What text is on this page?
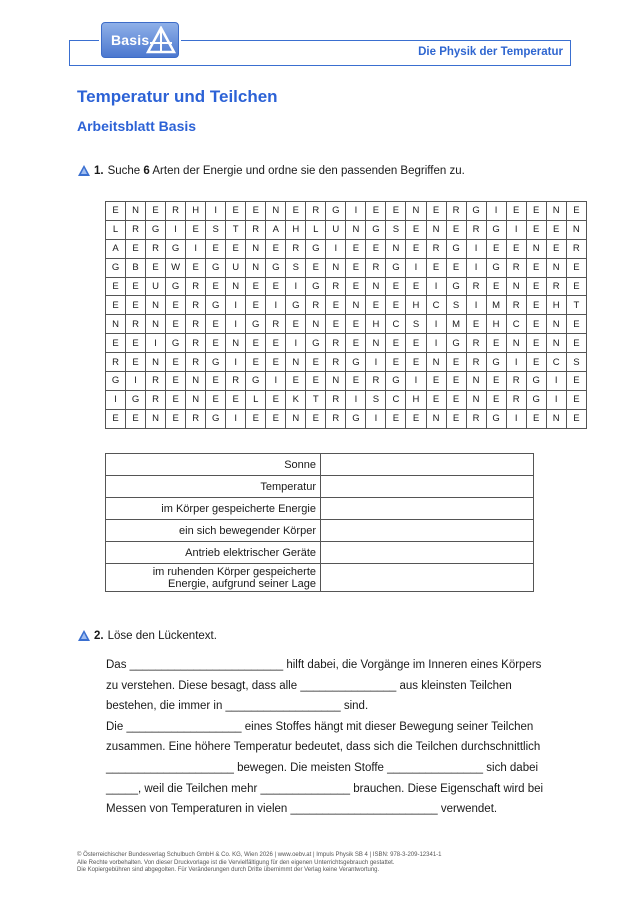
Die Physik der Temperatur
Basis
Temperatur und Teilchen
Arbeitsblatt Basis
1. Suche 6 Arten der Energie und ordne sie den passenden Begriffen zu.
E	N	E	R	H	I	E	E	N	E	R	G	I	E	E	N	E	R	G	I	E	E	N	E
L	R	G	I	E	S	T	R	A	H	L	U	N	G	S	E	N	E	R	G	I	E	E	N
A	E	R	G	I	E	E	N	E	R	G	I	E	E	N	E	R	G	I	E	E	N	E	R
G	B	E	W	E	G	U	N	G	S	E	N	E	R	G	I	E	E	I	G	R	E	N	E
E	E	U	G	R	E	N	E	E	I	G	R	E	N	E	E	I	G	R	E	N	E	R	E
E	E	N	E	R	G	I	E	I	G	R	E	N	E	E	H	C	S	I	M	R	E	H	T
N	R	N	E	R	E	I	G	R	E	N	E	E	H	C	S	I	M	E	H	C	E	N	E
E	E	I	G	R	E	N	E	E	I	G	R	E	N	E	E	I	G	R	E	N	E	N	E
R	E	N	E	R	G	I	E	E	N	E	R	G	I	E	E	N	E	R	G	I	E	C	S
G	I	R	E	N	E	R	G	I	E	E	N	E	R	G	I	E	E	N	E	R	G	I	E
I	G	R	E	N	E	E	L	E	K	T	R	I	S	C	H	E	E	N	E	R	G	I	E
E	E	N	E	R	G	I	E	E	N	E	R	G	I	E	E	N	E	R	G	I	E	N	E
Sonne	
Temperatur	
im Körper gespeicherte Energie	
ein sich bewegender Körper	
Antrieb elektrischer Geräte	
im ruhenden Körper gespeicherte
Energie, aufgrund seiner Lage	
2. Löse den Lückentext.

Das ________________________ hilft dabei, die Vorgänge im Inneren eines Körpers

zu verstehen. Diese besagt, dass alle _______________ aus kleinsten Teilchen

bestehen, die immer in __________________ sind.

Die __________________ eines Stoffes hängt mit dieser Bewegung seiner Teilchen

zusammen. Eine höhere Temperatur bedeutet, dass sich die Teilchen durchschnittlich

____________________ bewegen. Die meisten Stoffe _______________ sich dabei

_____, weil die Teilchen mehr ______________ brauchen. Diese Eigenschaft wird bei

Messen von Temperaturen in vielen _______________________ verwendet.

© Österreichischer Bundesverlag Schulbuch GmbH & Co. KG, Wien 2026 | www.oebv.at | Impuls Physik SB 4 | ISBN: 978-3-209-12341-1
Alle Rechte vorbehalten. Von dieser Druckvorlage ist die Vervielfältigung für den eigenen Unterrichtsgebrauch gestattet.
Die Kopiergebühren sind abgegolten. Für Veränderungen durch Dritte übernimmt der Verlag keine Verantwortung.
